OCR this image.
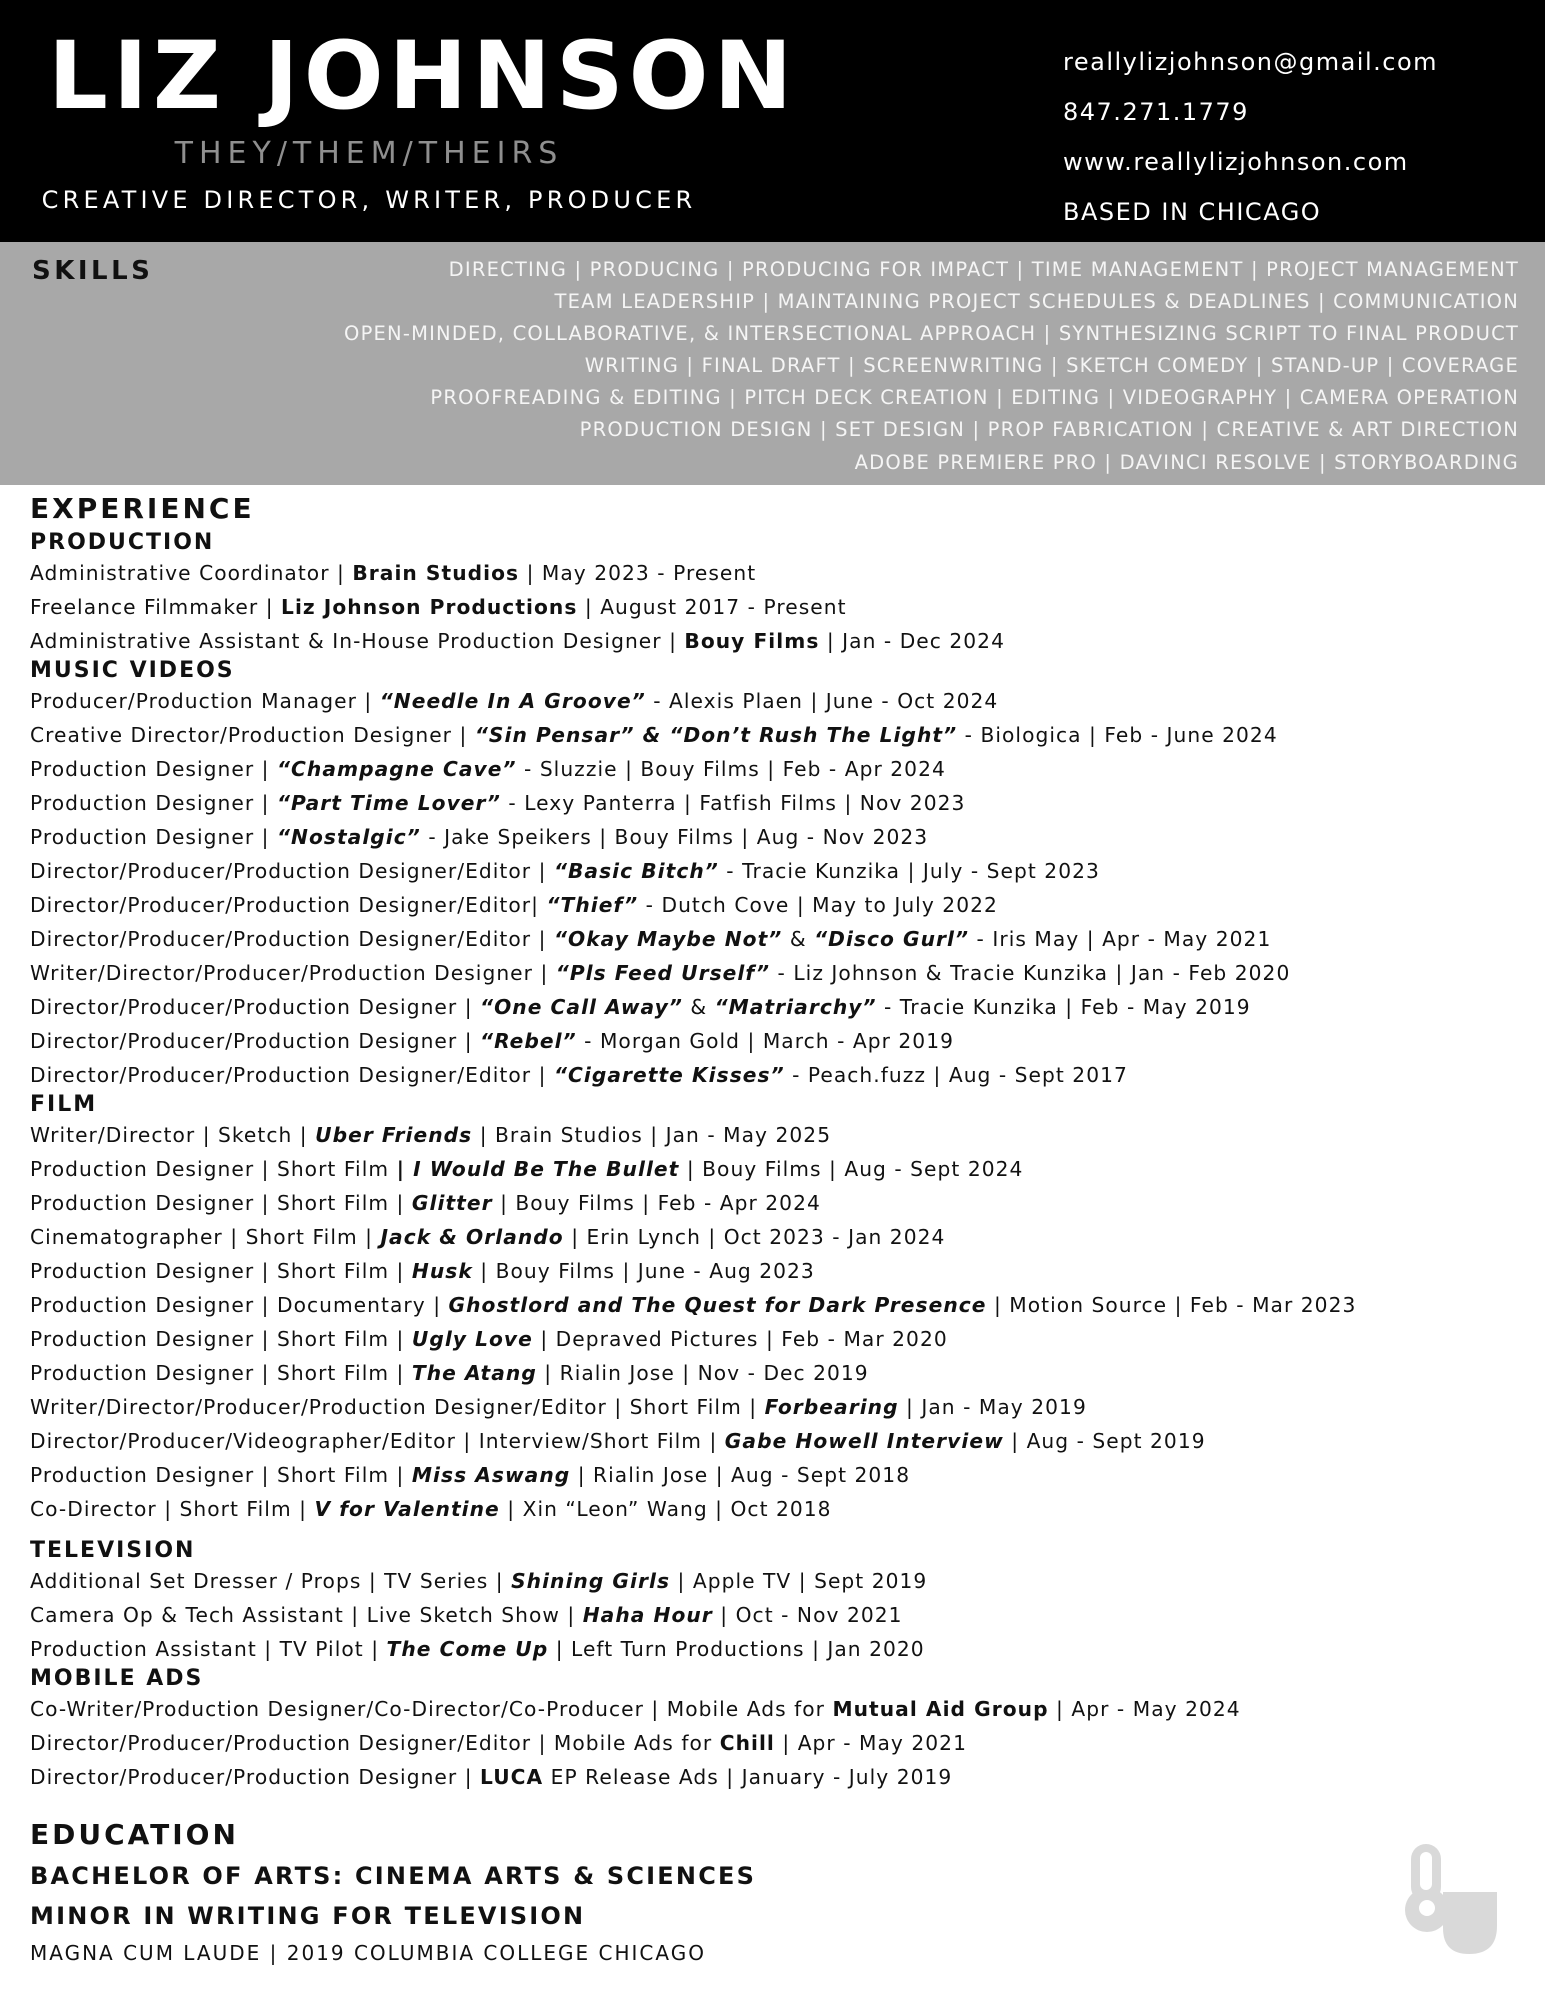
LIZ JOHNSON
THEY/THEM/THEIRS
CREATIVE DIRECTOR, WRITER, PRODUCER
reallylizjohnson@gmail.com
847.271.1779
www.reallylizjohnson.com
BASED IN CHICAGO
SKILLS	DIRECTING | PRODUCING | PRODUCING FOR IMPACT | TIME MANAGEMENT | PROJECT MANAGEMENT
TEAM LEADERSHIP | MAINTAINING PROJECT SCHEDULES & DEADLINES | COMMUNICATION
OPEN-MINDED, COLLABORATIVE, & INTERSECTIONAL APPROACH | SYNTHESIZING SCRIPT TO FINAL PRODUCT
WRITING | FINAL DRAFT | SCREENWRITING | SKETCH COMEDY | STAND-UP | COVERAGE
PROOFREADING & EDITING | PITCH DECK CREATION | EDITING | VIDEOGRAPHY | CAMERA OPERATION
PRODUCTION DESIGN | SET DESIGN | PROP FABRICATION | CREATIVE & ART DIRECTION
ADOBE PREMIERE PRO | DAVINCI RESOLVE | STORYBOARDING
EXPERIENCE
PRODUCTION
Administrative Coordinator | Brain Studios | May 2023 - Present
Freelance Filmmaker | Liz Johnson Productions | August 2017 - Present
Administrative Assistant & In-House Production Designer | Bouy Films | Jan - Dec 2024
MUSIC VIDEOS
Producer/Production Manager | “Needle In A Groove” - Alexis Plaen | June - Oct 2024
Creative Director/Production Designer | “Sin Pensar” & “Don’t Rush The Light” - Biologica | Feb - June 2024
Production Designer | “Champagne Cave” - Sluzzie | Bouy Films | Feb - Apr 2024
Production Designer | “Part Time Lover” - Lexy Panterra | Fatfish Films | Nov 2023
Production Designer | “Nostalgic” - Jake Speikers | Bouy Films | Aug - Nov 2023
Director/Producer/Production Designer/Editor | “Basic Bitch” - Tracie Kunzika | July - Sept 2023
Director/Producer/Production Designer/Editor| “Thief” - Dutch Cove | May to July 2022
Director/Producer/Production Designer/Editor | “Okay Maybe Not” & “Disco Gurl” - Iris May | Apr - May 2021
Writer/Director/Producer/Production Designer | “Pls Feed Urself” - Liz Johnson & Tracie Kunzika | Jan - Feb 2020
Director/Producer/Production Designer | “One Call Away” & “Matriarchy” - Tracie Kunzika | Feb - May 2019
Director/Producer/Production Designer | “Rebel” - Morgan Gold | March - Apr 2019
Director/Producer/Production Designer/Editor | “Cigarette Kisses” - Peach.fuzz | Aug - Sept 2017
FILM
Writer/Director | Sketch | Uber Friends | Brain Studios | Jan - May 2025
Production Designer | Short Film | I Would Be The Bullet | Bouy Films | Aug - Sept 2024
Production Designer | Short Film | Glitter | Bouy Films | Feb - Apr 2024
Cinematographer | Short Film | Jack & Orlando | Erin Lynch | Oct 2023 - Jan 2024
Production Designer | Short Film | Husk | Bouy Films | June - Aug 2023
Production Designer | Documentary | Ghostlord and The Quest for Dark Presence | Motion Source | Feb - Mar 2023
Production Designer | Short Film | Ugly Love | Depraved Pictures | Feb - Mar 2020
Production Designer | Short Film | The Atang | Rialin Jose | Nov - Dec 2019
Writer/Director/Producer/Production Designer/Editor | Short Film | Forbearing | Jan - May 2019
Director/Producer/Videographer/Editor | Interview/Short Film | Gabe Howell Interview | Aug - Sept 2019
Production Designer | Short Film | Miss Aswang | Rialin Jose | Aug - Sept 2018
Co-Director | Short Film | V for Valentine | Xin “Leon” Wang | Oct 2018
TELEVISION
Additional Set Dresser / Props | TV Series | Shining Girls | Apple TV | Sept 2019
Camera Op & Tech Assistant | Live Sketch Show | Haha Hour | Oct - Nov 2021
Production Assistant | TV Pilot | The Come Up | Left Turn Productions | Jan 2020
MOBILE ADS
Co-Writer/Production Designer/Co-Director/Co-Producer | Mobile Ads for Mutual Aid Group | Apr - May 2024
Director/Producer/Production Designer/Editor | Mobile Ads for Chill | Apr - May 2021
Director/Producer/Production Designer | LUCA EP Release Ads | January - July 2019
EDUCATION
BACHELOR OF ARTS: CINEMA ARTS & SCIENCES
MINOR IN WRITING FOR TELEVISION
MAGNA CUM LAUDE | 2019 COLUMBIA COLLEGE CHICAGO
